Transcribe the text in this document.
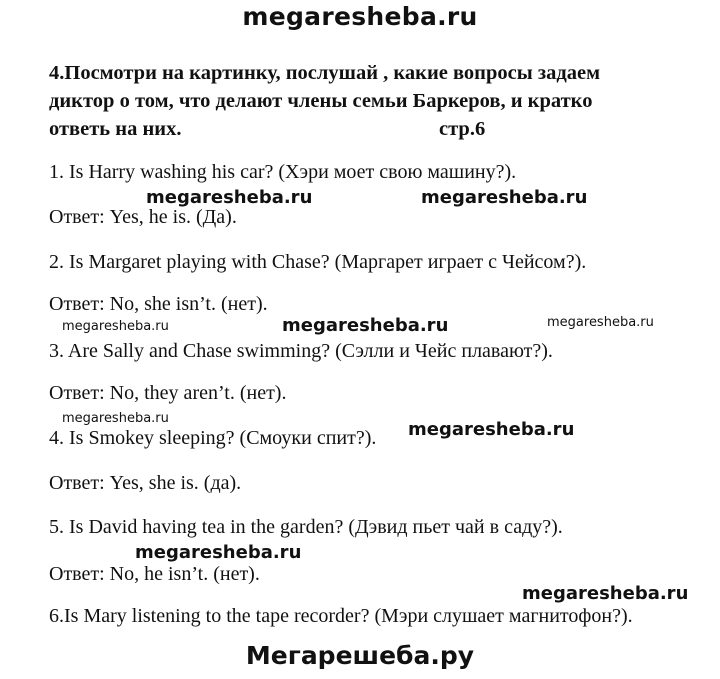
megaresheba.ru
4.Посмотри на картинку, послушай , какие вопросы задаем
диктор о том, что делают члены семьи Баркеров, и кратко
ответь на них.	стр.6
1. Is Harry washing his car? (Хэри моет свою машину?).
Ответ: Yes, he is. (Да).
2. Is Margaret playing with Chase? (Маргарет играет с Чейсом?).
Ответ: No, she isn’t. (нет).
3. Are Sally and Chase swimming? (Сэлли и Чейс плавают?).
Ответ: No, they aren’t. (нет).
4. Is Smokey sleeping? (Смоуки спит?).
Ответ: Yes, she is. (да).
5. Is David having tea in the garden? (Дэвид пьет чай в саду?).
Ответ: No, he isn’t. (нет).
6.Is Mary listening to the tape recorder? (Мэри слушает магнитофон?).
megaresheba.ru	megaresheba.ru
megaresheba.ru	megaresheba.ru	megaresheba.ru
megaresheba.ru
megaresheba.ru
megaresheba.ru
megaresheba.ru
Мегарешеба.ру
